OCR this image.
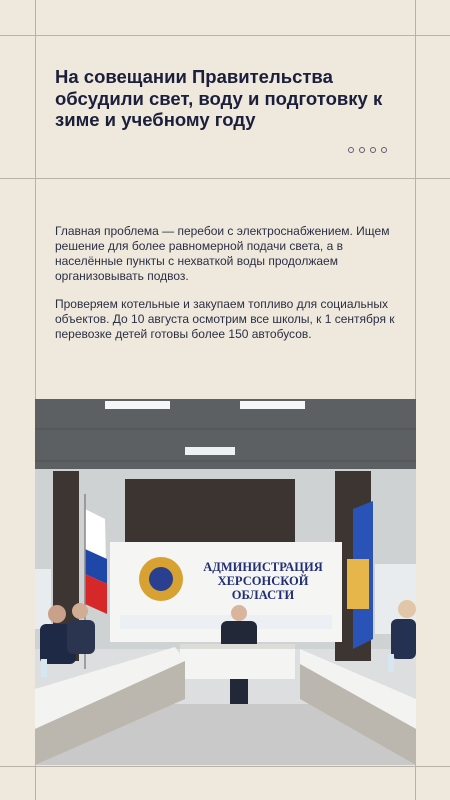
На совещании Правительства обсудили свет, воду и подготовку к зиме и учебному году
Главная проблема — перебои с электроснабжением. Ищем решение для более равномерной подачи света, а в населённые пункты с нехваткой воды продолжаем организовывать подвоз.
Проверяем котельные и закупаем топливо для социальных объектов. До 10 августа осмотрим все школы, к 1 сентября к перевозке детей готовы более 150 автобусов.
АДМИНИСТРАЦИЯ
ХЕРСОНСКОЙ
ОБЛАСТИ
